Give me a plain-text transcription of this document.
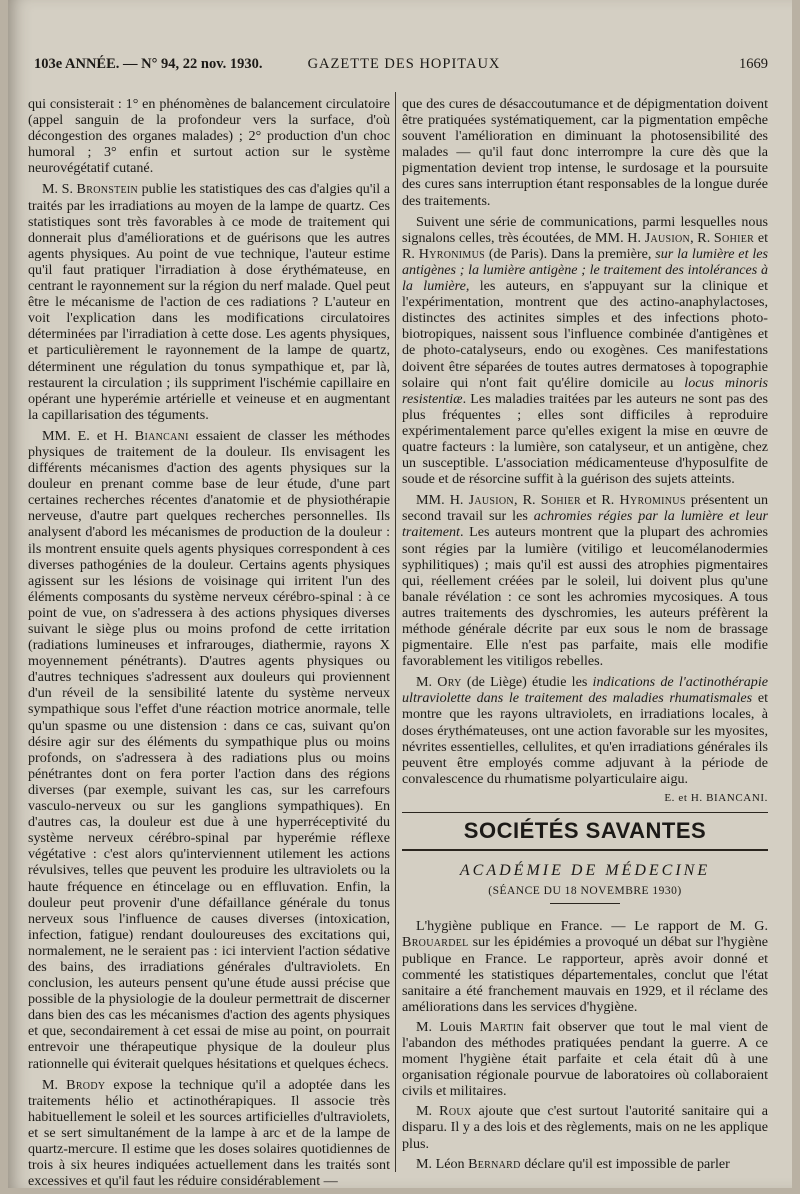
103e ANNÉE. — N° 94, 22 nov. 1930.	GAZETTE DES HOPITAUX	1669

qui consisterait : 1° en phénomènes de balancement circulatoire (appel sanguin de la profondeur vers la surface, d'où décongestion des organes malades) ; 2° production d'un choc humoral ; 3° enfin et surtout action sur le système neurovégétatif cutané.

M. S. Bronstein publie les statistiques des cas d'algies qu'il a traités par les irradiations au moyen de la lampe de quartz. Ces statistiques sont très favorables à ce mode de traitement qui donnerait plus d'améliorations et de guérisons que les autres agents physiques. Au point de vue technique, l'auteur estime qu'il faut pratiquer l'irradiation à dose érythémateuse, en centrant le rayonnement sur la région du nerf malade. Quel peut être le mécanisme de l'action de ces radiations ? L'auteur en voit l'explication dans les modifications circulatoires déterminées par l'irradiation à cette dose. Les agents physiques, et particulièrement le rayonnement de la lampe de quartz, déterminent une régulation du tonus sympathique et, par là, restaurent la circulation ; ils suppriment l'ischémie capillaire en opérant une hyperémie artérielle et veineuse et en augmentant la capillarisation des téguments.

MM. E. et H. Biancani essaient de classer les méthodes physiques de traitement de la douleur. Ils envisagent les différents mécanismes d'action des agents physiques sur la douleur en prenant comme base de leur étude, d'une part certaines recherches récentes d'anatomie et de physiothérapie nerveuse, d'autre part quelques recherches personnelles. Ils analysent d'abord les mécanismes de production de la douleur : ils montrent ensuite quels agents physiques correspondent à ces diverses pathogénies de la douleur. Certains agents physiques agissent sur les lésions de voisinage qui irritent l'un des éléments composants du système nerveux cérébro-spinal : à ce point de vue, on s'adressera à des actions physiques diverses suivant le siège plus ou moins profond de cette irritation (radiations lumineuses et infrarouges, diathermie, rayons X moyennement pénétrants). D'autres agents physiques ou d'autres techniques s'adressent aux douleurs qui proviennent d'un réveil de la sensibilité latente du système nerveux sympathique sous l'effet d'une réaction motrice anormale, telle qu'un spasme ou une distension : dans ce cas, suivant qu'on désire agir sur des éléments du sympathique plus ou moins profonds, on s'adressera à des radiations plus ou moins pénétrantes dont on fera porter l'action dans des régions diverses (par exemple, suivant les cas, sur les carrefours vasculo-nerveux ou sur les ganglions sympathiques). En d'autres cas, la douleur est due à une hyperréceptivité du système nerveux cérébro-spinal par hyperémie réflexe végétative : c'est alors qu'interviennent utilement les actions révulsives, telles que peuvent les produire les ultraviolets ou la haute fréquence en étincelage ou en effluvation. Enfin, la douleur peut provenir d'une défaillance générale du tonus nerveux sous l'influence de causes diverses (intoxication, infection, fatigue) rendant douloureuses des excitations qui, normalement, ne le seraient pas : ici intervient l'action sédative des bains, des irradiations générales d'ultraviolets. En conclusion, les auteurs pensent qu'une étude aussi précise que possible de la physiologie de la douleur permettrait de discerner dans bien des cas les mécanismes d'action des agents physiques et que, secondairement à cet essai de mise au point, on pourrait entrevoir une thérapeutique physique de la douleur plus rationnelle qui éviterait quelques hésitations et quelques échecs.

M. Brody expose la technique qu'il a adoptée dans les traitements hélio et actinothérapiques. Il associe très habituellement le soleil et les sources artificielles d'ultraviolets, et se sert simultanément de la lampe à arc et de la lampe de quartz-mercure. Il estime que les doses solaires quotidiennes de trois à six heures indiquées actuellement dans les traités sont excessives et qu'il faut les réduire considérablement —

que des cures de désaccoutumance et de dépigmentation doivent être pratiquées systématiquement, car la pigmentation empêche souvent l'amélioration en diminuant la photosensibilité des malades — qu'il faut donc interrompre la cure dès que la pigmentation devient trop intense, le surdosage et la poursuite des cures sans interruption étant responsables de la longue durée des traitements.

Suivent une série de communications, parmi lesquelles nous signalons celles, très écoutées, de MM. H. Jausion, R. Sohier et R. Hyronimus (de Paris). Dans la première, sur la lumière et les antigènes ; la lumière antigène ; le traitement des intolérances à la lumière, les auteurs, en s'appuyant sur la clinique et l'expérimentation, montrent que des actino-anaphylactoses, distinctes des actinites simples et des infections photo-biotropiques, naissent sous l'influence combinée d'antigènes et de photo-catalyseurs, endo ou exogènes. Ces manifestations doivent être séparées de toutes autres dermatoses à topographie solaire qui n'ont fait qu'élire domicile au locus minoris resistentiæ. Les maladies traitées par les auteurs ne sont pas des plus fréquentes ; elles sont difficiles à reproduire expérimentalement parce qu'elles exigent la mise en œuvre de quatre facteurs : la lumière, son catalyseur, et un antigène, chez un susceptible. L'association médicamenteuse d'hyposulfite de soude et de résorcine suffit à la guérison des sujets atteints.

MM. H. Jausion, R. Sohier et R. Hyrominus présentent un second travail sur les achromies régies par la lumière et leur traitement. Les auteurs montrent que la plupart des achromies sont régies par la lumière (vitiligo et leucomélanodermies syphilitiques) ; mais qu'il est aussi des atrophies pigmentaires qui, réellement créées par le soleil, lui doivent plus qu'une banale révélation : ce sont les achromies mycosiques. A tous autres traitements des dyschromies, les auteurs préfèrent la méthode générale décrite par eux sous le nom de brassage pigmentaire. Elle n'est pas parfaite, mais elle modifie favorablement les vitiligos rebelles.

M. Ory (de Liège) étudie les indications de l'actinothérapie ultraviolette dans le traitement des maladies rhumatismales et montre que les rayons ultraviolets, en irradiations locales, à doses érythémateuses, ont une action favorable sur les myosites, névrites essentielles, cellulites, et qu'en irradiations générales ils peuvent être employés comme adjuvant à la période de convalescence du rhumatisme polyarticulaire aigu.

E. et H. BIANCANI.
SOCIÉTÉS SAVANTES
ACADÉMIE DE MÉDECINE
(SÉANCE DU 18 NOVEMBRE 1930)

L'hygiène publique en France. — Le rapport de M. G. Brouardel sur les épidémies a provoqué un débat sur l'hygiène publique en France. Le rapporteur, après avoir donné et commenté les statistiques départementales, conclut que l'état sanitaire a été franchement mauvais en 1929, et il réclame des améliorations dans les services d'hygiène.

M. Louis Martin fait observer que tout le mal vient de l'abandon des méthodes pratiquées pendant la guerre. A ce moment l'hygiène était parfaite et cela était dû à une organisation régionale pourvue de laboratoires où collaboraient civils et militaires.

M. Roux ajoute que c'est surtout l'autorité sanitaire qui a disparu. Il y a des lois et des règlements, mais on ne les applique plus.

M. Léon Bernard déclare qu'il est impossible de parler
